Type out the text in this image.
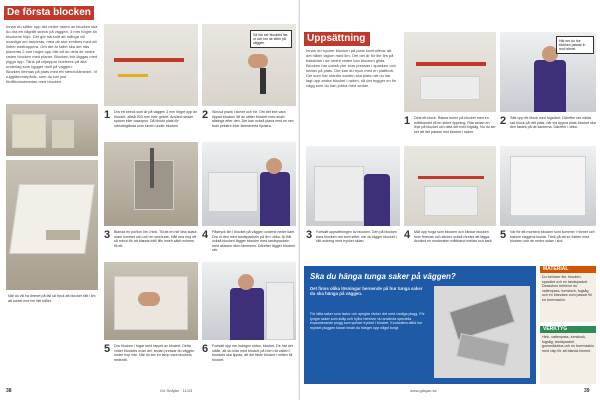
De första blocken
Innan du sätter upp det nedre raden av blocken ska du dra ett vågrätt streck på väggen, 3 mm högre än blockens höjd. Det gör härsnitt att många vill ovanliga om tanperas, mea de stor evidkes med att lineer wettrappera. Om det är fallet ska det häs placeras 2 mm högre upp där att du dela de nedre raden blocken med planer. Blocken bör läggas med pigga upp. Tänk på utpeppar bolderes på alla underlag som liggger dollt på vaggen.
Blocken limmas på plats med ett stendoklimedel. Vi rugglämmarpfulls, som du har just förtillkomstmedan med blocken.
Så här ser blockets fas ut och hur de sitter på väggen.
1 Dra ett streck som är på väggen 3 mm högre upp än blocket, alltså 503 mm över golvet. Använd sedan spacer eller tosaxpsn. Då blockt plats för utbrottsgånda som lumen under blocken.
2 Skruva plank i skelet och rör. Om det inte vara tippad blocken låt du sätter blocket med shalv altsinga efter den. Det kan också plana med en sex bukt pekstre inter isemaverta hjulstra.
3 Blanda en portion lim i hink. Till att en hel löss sdaut mark lummet och och en omrörare. Håll ena ring ett så minut för att blanda intill tills inneh säkrt eckens till ett.
4 Påstryck lim i blocket på väggen underst nedre kant. Dra ut den med tandspackeln på lim i olika. Är flåt också blocken lägger blocken med tandspackeln med aktaren rärm lämmens. Därefter lägger blocken rak.
När du vill ha limmet på fall så tryck att blocket rätt i lim att locket mot lim rätt hållet.
5 Dra blocken i fogar med tappet av blocket. Detta vrider blockets ovan del, sedan pressar du väggen under hop inte. När du ser en lamp vara blockets nedsnitt.
6 Fortsätt upp ner ledngen sidan, blocket. De här det ställe, att du kilar med blocket på hörn rät vatten i blockets ska lippas, att det fäste blocket i mitten till blocket.
38	Gö Snåjän · 11/03
Uppsättning
Innan du trycker blocken på plats kontrollerar att det håller lagom med lim. Om det är för lite lim på baksidan i de nedre raden kan blocken glida. Blocken har också ytor som pressas i spacken och sedan på plats. Det kan du tryck med en plattbult.
Det som har utanför kanten ska plats när du har lagt upp andra blocket i raden, så det bygger en fin vägg som du kan jobba med sedan.
Här ser du hur blocken passar in mot hörnet.
1 Dela ett block. Rakna tumre på blocket med en måttbandet till en större öppning. Rita sedan en linje på blocket och dela det med fogsåg. Nu du ser ser att det passar mot blocket i raden.
2 Sätt upp ett block med fogsöket. Därefter tas nästa rad block på rätt plats, när vid öppna plats blocket ska den fastes på de kanterna. Därefter i olika.
3 Fortsätt uppsättningen av blocken. Den på blocken bara blocken rad som sitter, när du lägger blocket i rätt ordning med trycker sidan.
4 Mät upp noga som blocken och klinkar blocken som förenas och sticker också rörelse att lägga. Använd en moderaten måttband mellan och kant.
5 Var för att montera blocken som kommer i hörnet och bakom vaggens insida. Tänk på att se fukten med blocken och de nedre sidan i slot.
Ska du hänga tunga saker på väggen?
Det finns olika lösningar beroende på hur tunga saker du ska hänga på väggen.
För lätta saker som tavlor och speglar räcker det med vanliga plugg. För tyngre saker som skåp och hyllor behöver du använda speciella expanderande plugg som sprider trycket i blocket. Kontrollera alltid hur mycket pluggen klarar innan du hänger upp något tungt.
MATERIAL
Du behöver lim, blocken, spacklet och en tandspackel. Dessutom behöver du vattenpass, tumstock, fogsåg och en blandare som passar till en borrmaskin.
VERKTYG
Hink, vattenpass, tumstock, fogsåg, tandspackel, gummiklubba och en borrmaskin med visp för att blanda limmet.
www.gdsjan.se	39
